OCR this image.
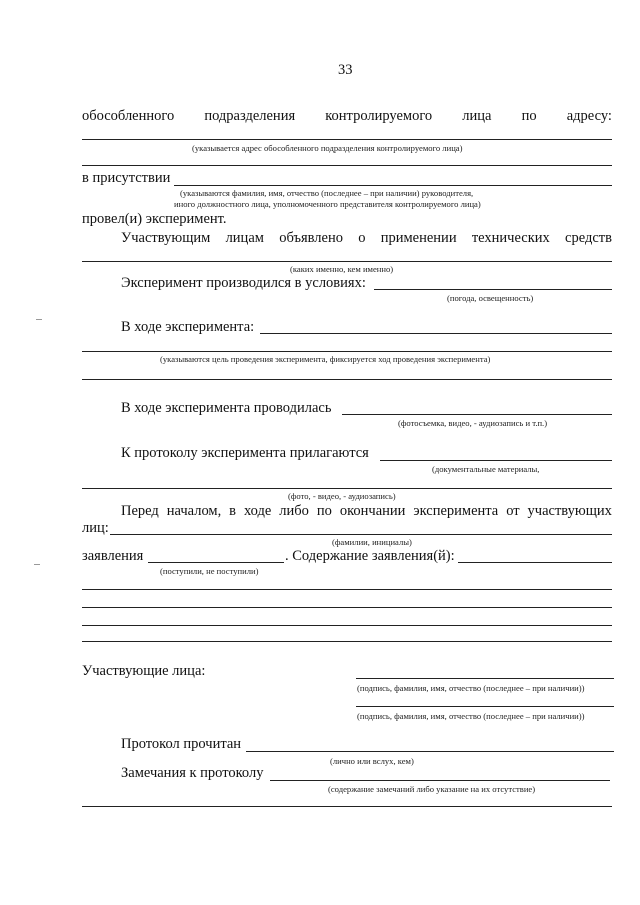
33
обособленного подразделения контролируемого лица по адресу:
(указывается адрес обособленного подразделения контролируемого лица)
в присутствии
(указываются фамилия, имя, отчество (последнее – при наличии) руководителя,
иного должностного лица, уполномоченного представителя контролируемого лица)
провел(и) эксперимент.
Участвующим лицам объявлено о применении технических средств
(каких именно, кем именно)
Эксперимент производился в условиях:
(погода, освещенность)
В ходе эксперимента:
(указываются цель проведения эксперимента, фиксируется ход проведения эксперимента)
В ходе эксперимента проводилась
(фотосъемка, видео, - аудиозапись и т.п.)
К протоколу эксперимента прилагаются
(документальные материалы,
(фото, - видео, - аудиозапись)
Перед началом, в ходе либо по окончании эксперимента от участвующих
лиц:
(фамилии, инициалы)
заявления	. Содержание заявления(й):
(поступили, не поступили)
Участвующие лица:
(подпись, фамилия, имя, отчество (последнее – при наличии))
(подпись, фамилия, имя, отчество (последнее – при наличии))
Протокол прочитан
(лично или вслух, кем)
Замечания к протоколу
(содержание замечаний либо указание на их отсутствие)
